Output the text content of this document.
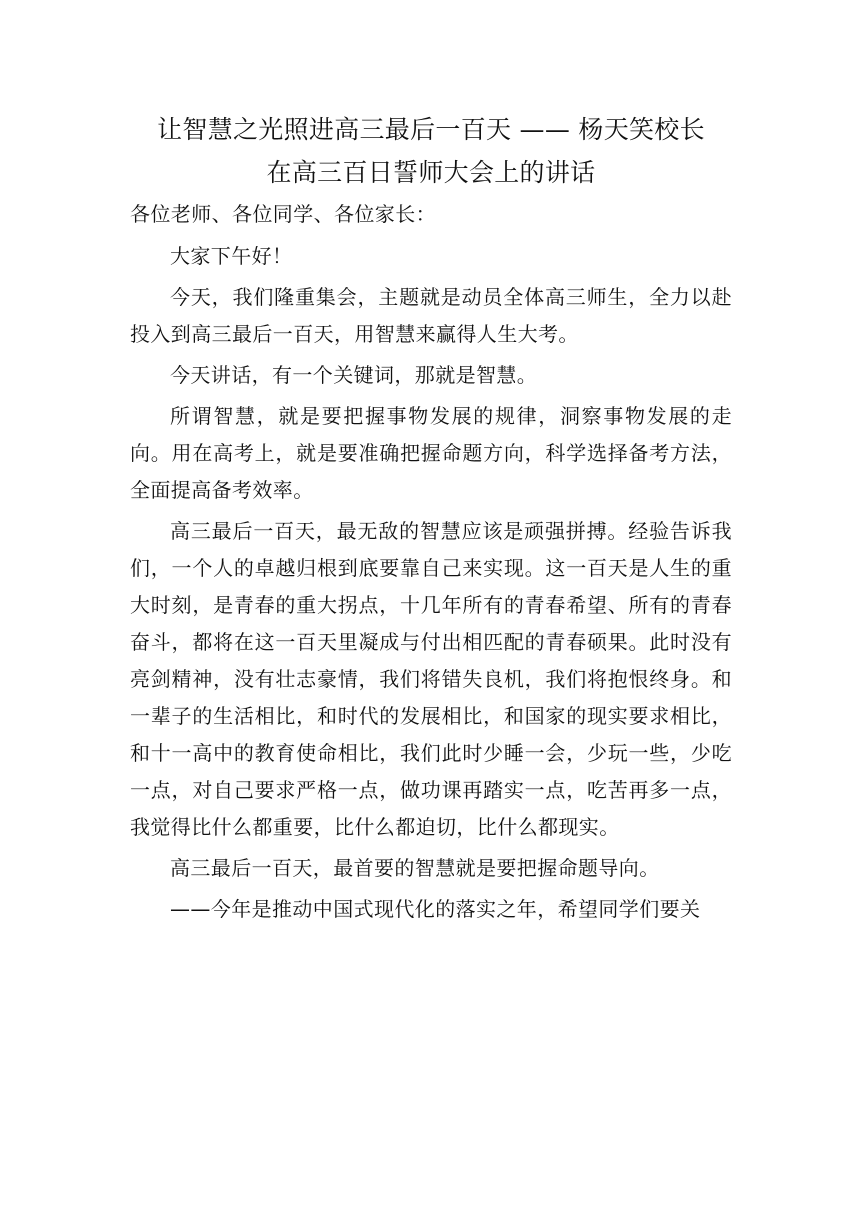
让智慧之光照进高三最后一百天 —— 杨天笑校长
在高三百日誓师大会上的讲话

各位老师、各位同学、各位家长：

大家下午好！

今天，我们隆重集会，主题就是动员全体高三师生，全力以赴投入到高三最后一百天，用智慧来赢得人生大考。

今天讲话，有一个关键词，那就是智慧。

所谓智慧，就是要把握事物发展的规律，洞察事物发展的走向。用在高考上，就是要准确把握命题方向，科学选择备考方法，全面提高备考效率。

高三最后一百天，最无敌的智慧应该是顽强拼搏。经验告诉我们，一个人的卓越归根到底要靠自己来实现。这一百天是人生的重大时刻，是青春的重大拐点，十几年所有的青春希望、所有的青春奋斗，都将在这一百天里凝成与付出相匹配的青春硕果。此时没有亮剑精神，没有壮志豪情，我们将错失良机，我们将抱恨终身。和一辈子的生活相比，和时代的发展相比，和国家的现实要求相比，和十一高中的教育使命相比，我们此时少睡一会，少玩一些，少吃一点，对自己要求严格一点，做功课再踏实一点，吃苦再多一点，我觉得比什么都重要，比什么都迫切，比什么都现实。

高三最后一百天，最首要的智慧就是要把握命题导向。

——今年是推动中国式现代化的落实之年，希望同学们要关
